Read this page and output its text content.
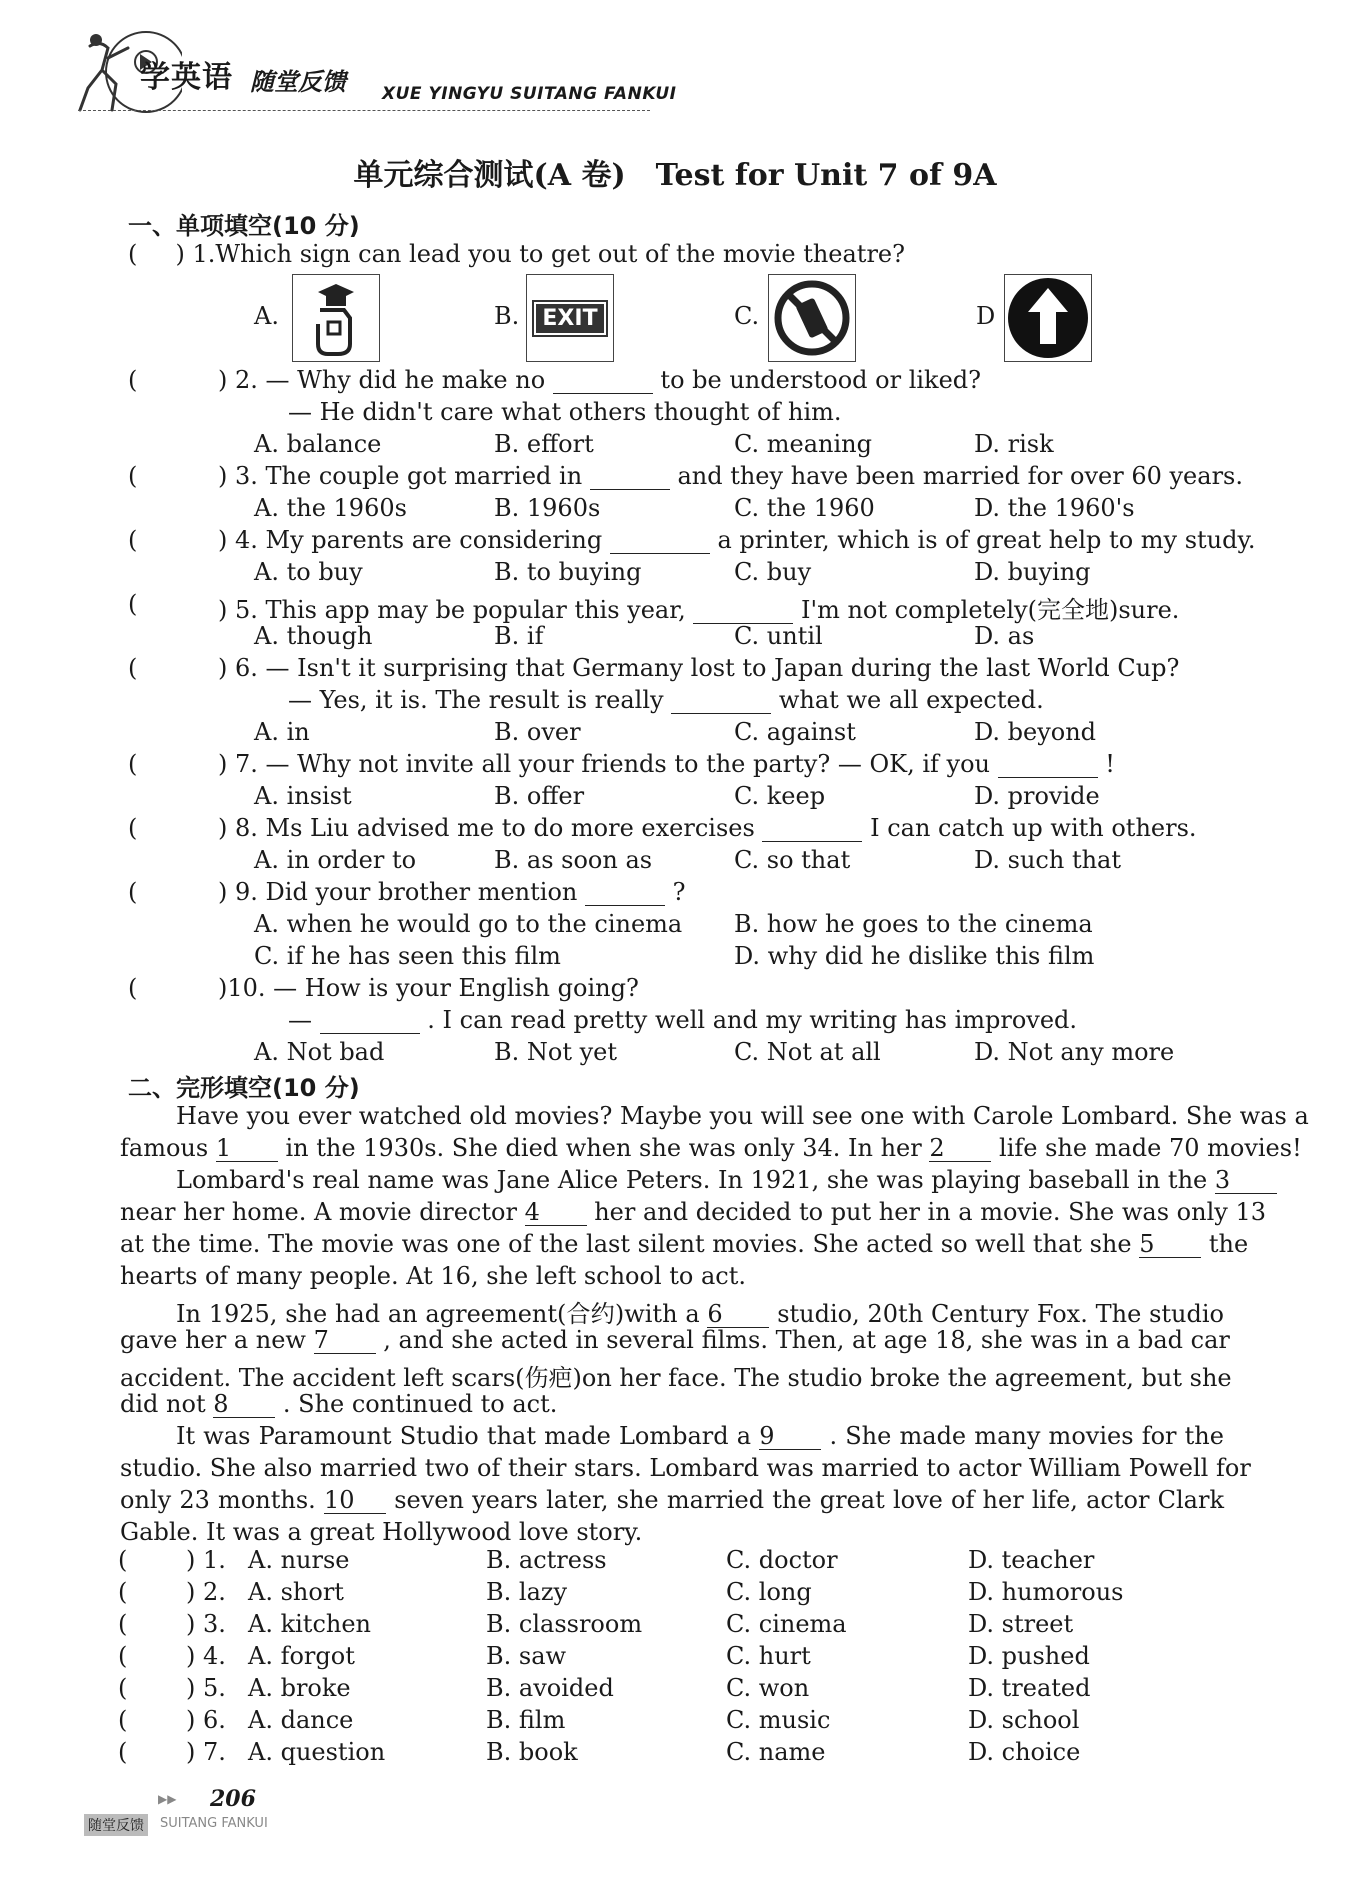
学英语 随堂反馈 XUE YINGYU SUITANG FANKUI
单元综合测试(A 卷)　Test for Unit 7 of 9A
一、单项填空(10 分)
(     ) 1.Which sign can lead you to get out of the movie theatre?
A.	B.	EXIT	C.	D
(	) 2. — Why did he make no	to be understood or liked?
— He didn't care what others thought of him.
A. balance	B. effort	C. meaning	D. risk
(	) 3. The couple got married in	and they have been married for over 60 years.
A. the 1960s	B. 1960s	C. the 1960	D. the 1960's
(	) 4. My parents are considering	a printer, which is of great help to my study.
A. to buy	B. to buying	C. buy	D. buying
(	) 5. This app may be popular this year,	I'm not completely(完全地)sure.
A. though	B. if	C. until	D. as
(	) 6. — Isn't it surprising that Germany lost to Japan during the last World Cup?
— Yes, it is. The result is really	what we all expected.
A. in	B. over	C. against	D. beyond
(	) 7. — Why not invite all your friends to the party? — OK, if you	!
A. insist	B. offer	C. keep	D. provide
(	) 8. Ms Liu advised me to do more exercises	I can catch up with others.
A. in order to	B. as soon as	C. so that	D. such that
(	) 9. Did your brother mention	?
A. when he would go to the cinema B. how he goes to the cinema
C. if he has seen this film	D. why did he dislike this film
(	)10. — How is your English going?
—	. I can read pretty well and my writing has improved.
A. Not bad	B. Not yet	C. Not at all	D. Not any more
二、完形填空(10 分)
Have you ever watched old movies? Maybe you will see one with Carole Lombard. She was a
famous 1 in the 1930s. She died when she was only 34. In her 2 life she made 70 movies!
Lombard's real name was Jane Alice Peters. In 1921, she was playing baseball in the 3
near her home. A movie director 4 her and decided to put her in a movie. She was only 13
at the time. The movie was one of the last silent movies. She acted so well that she 5 the
hearts of many people. At 16, she left school to act.
In 1925, she had an agreement(合约)with a 6 studio, 20th Century Fox. The studio
gave her a new 7 , and she acted in several films. Then, at age 18, she was in a bad car
accident. The accident left scars(伤疤)on her face. The studio broke the agreement, but she
did not 8 . She continued to act.
It was Paramount Studio that made Lombard a 9 . She made many movies for the
studio. She also married two of their stars. Lombard was married to actor William Powell for
only 23 months. 10 seven years later, she married the great love of her life, actor Clark
Gable. It was a great Hollywood love story.
( ) 1. A. nurse	B. actress	C. doctor	D. teacher
( ) 2. A. short	B. lazy	C. long	D. humorous
( ) 3. A. kitchen	B. classroom	C. cinema	D. street
( ) 4. A. forgot	B. saw	C. hurt	D. pushed
( ) 5. A. broke	B. avoided	C. won	D. treated
( ) 6. A. dance	B. film	C. music	D. school
( ) 7. A. question	B. book	C. name	D. choice
▶▶ 206
随堂反馈	SUITANG FANKUI
